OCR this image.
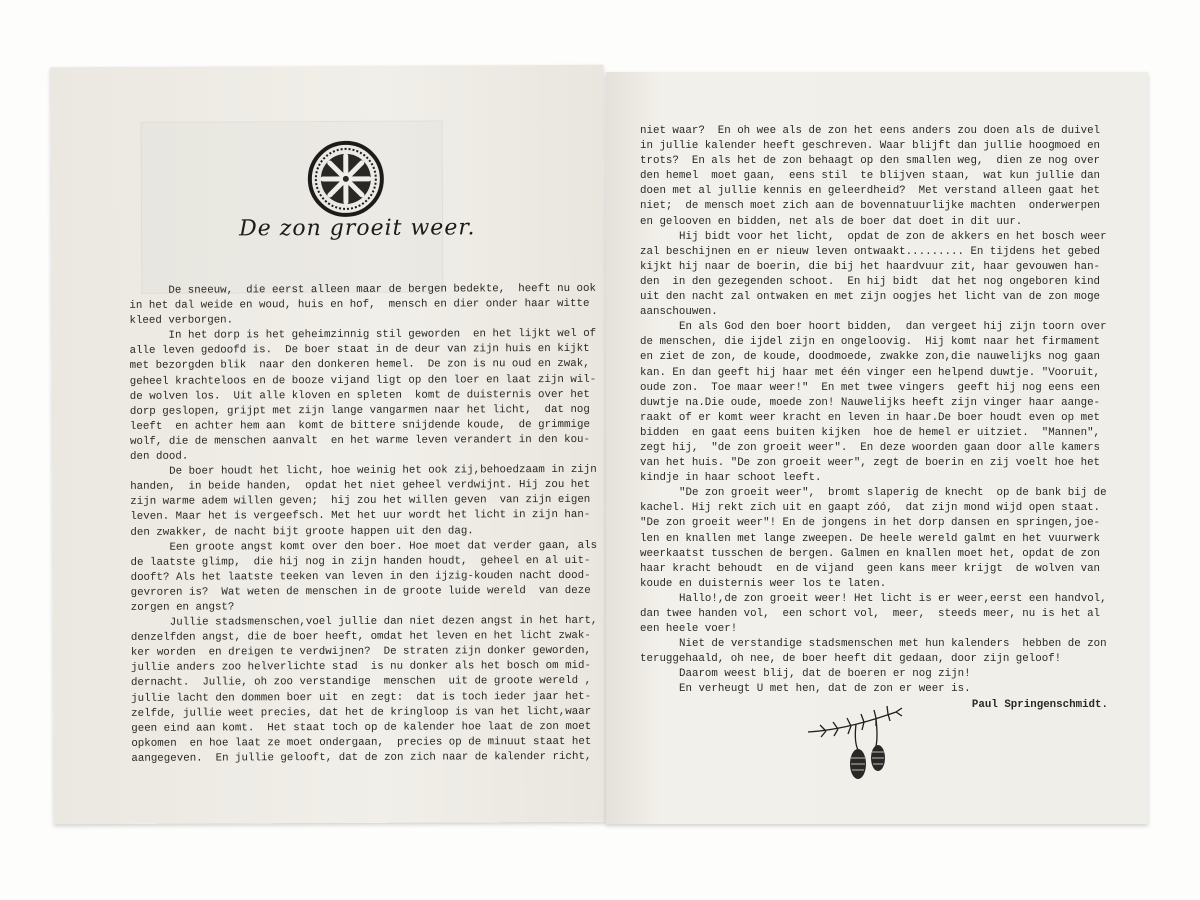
De zon groeit weer.
De sneeuw,  die eerst alleen maar de bergen bedekte,  heeft nu ook
in het dal weide en woud, huis en hof,  mensch en dier onder haar witte
kleed verborgen.
In het dorp is het geheimzinnig stil geworden  en het lijkt wel of
alle leven gedoofd is.  De boer staat in de deur van zijn huis en kijkt
met bezorgden blik  naar den donkeren hemel.  De zon is nu oud en zwak,
geheel krachteloos en de booze vijand ligt op den loer en laat zijn wil-
de wolven los.  Uit alle kloven en spleten  komt de duisternis over het
dorp geslopen, grijpt met zijn lange vangarmen naar het licht,  dat nog
leeft  en achter hem aan  komt de bittere snijdende koude,  de grimmige
wolf, die de menschen aanvalt  en het warme leven verandert in den kou-
den dood.
De boer houdt het licht, hoe weinig het ook zij,behoedzaam in zijn
handen,  in beide handen,  opdat het niet geheel verdwijnt. Hij zou het
zijn warme adem willen geven;  hij zou het willen geven  van zijn eigen
leven. Maar het is vergeefsch. Met het uur wordt het licht in zijn han-
den zwakker, de nacht bijt groote happen uit den dag.
Een groote angst komt over den boer. Hoe moet dat verder gaan, als
de laatste glimp,  die hij nog in zijn handen houdt,  geheel en al uit-
dooft? Als het laatste teeken van leven in den ijzig-kouden nacht dood-
gevroren is?  Wat weten de menschen in de groote luide wereld  van deze
zorgen en angst?
Jullie stadsmenschen,voel jullie dan niet dezen angst in het hart,
denzelfden angst, die de boer heeft, omdat het leven en het licht zwak-
ker worden  en dreigen te verdwijnen?  De straten zijn donker geworden,
jullie anders zoo helverlichte stad  is nu donker als het bosch om mid-
dernacht.  Jullie, oh zoo verstandige  menschen  uit de groote wereld ,
jullie lacht den dommen boer uit  en zegt:  dat is toch ieder jaar het-
zelfde, jullie weet precies, dat het de kringloop is van het licht,waar
geen eind aan komt.  Het staat toch op de kalender hoe laat de zon moet
opkomen  en hoe laat ze moet ondergaan,  precies op de minuut staat het
aangegeven.  En jullie gelooft, dat de zon zich naar de kalender richt,
niet waar?  En oh wee als de zon het eens anders zou doen als de duivel
in jullie kalender heeft geschreven. Waar blijft dan jullie hoogmoed en
trots?  En als het de zon behaagt op den smallen weg,  dien ze nog over
den hemel  moet gaan,  eens stil  te blijven staan,  wat kun jullie dan
doen met al jullie kennis en geleerdheid?  Met verstand alleen gaat het
niet;  de mensch moet zich aan de bovennatuurlijke machten  onderwerpen
en gelooven en bidden, net als de boer dat doet in dit uur.
Hij bidt voor het licht,  opdat de zon de akkers en het bosch weer
zal beschijnen en er nieuw leven ontwaakt......... En tijdens het gebed
kijkt hij naar de boerin, die bij het haardvuur zit, haar gevouwen han-
den  in den gezegenden schoot.  En hij bidt  dat het nog ongeboren kind
uit den nacht zal ontwaken en met zijn oogjes het licht van de zon moge
aanschouwen.
En als God den boer hoort bidden,  dan vergeet hij zijn toorn over
de menschen, die ijdel zijn en ongeloovig.  Hij komt naar het firmament
en ziet de zon, de koude, doodmoede, zwakke zon,die nauwelijks nog gaan
kan. En dan geeft hij haar met één vinger een helpend duwtje. "Vooruit,
oude zon.  Toe maar weer!"  En met twee vingers  geeft hij nog eens een
duwtje na.Die oude, moede zon! Nauwelijks heeft zijn vinger haar aange-
raakt of er komt weer kracht en leven in haar.De boer houdt even op met
bidden  en gaat eens buiten kijken  hoe de hemel er uitziet.  "Mannen",
zegt hij,  "de zon groeit weer".  En deze woorden gaan door alle kamers
van het huis. "De zon groeit weer", zegt de boerin en zij voelt hoe het
kindje in haar schoot leeft.
"De zon groeit weer",  bromt slaperig de knecht  op de bank bij de
kachel. Hij rekt zich uit en gaapt zóó,  dat zijn mond wijd open staat.
"De zon groeit weer"! En de jongens in het dorp dansen en springen,joe-
len en knallen met lange zweepen. De heele wereld galmt en het vuurwerk
weerkaatst tusschen de bergen. Galmen en knallen moet het, opdat de zon
haar kracht behoudt  en de vijand  geen kans meer krijgt  de wolven van
koude en duisternis weer los te laten.
Hallo!,de zon groeit weer! Het licht is er weer,eerst een handvol,
dan twee handen vol,  een schort vol,  meer,  steeds meer, nu is het al
een heele voer!
Niet de verstandige stadsmenschen met hun kalenders  hebben de zon
teruggehaald, oh nee, de boer heeft dit gedaan, door zijn geloof!
Daarom weest blij, dat de boeren er nog zijn!
En verheugt U met hen, dat de zon er weer is.
Paul Springenschmidt.
